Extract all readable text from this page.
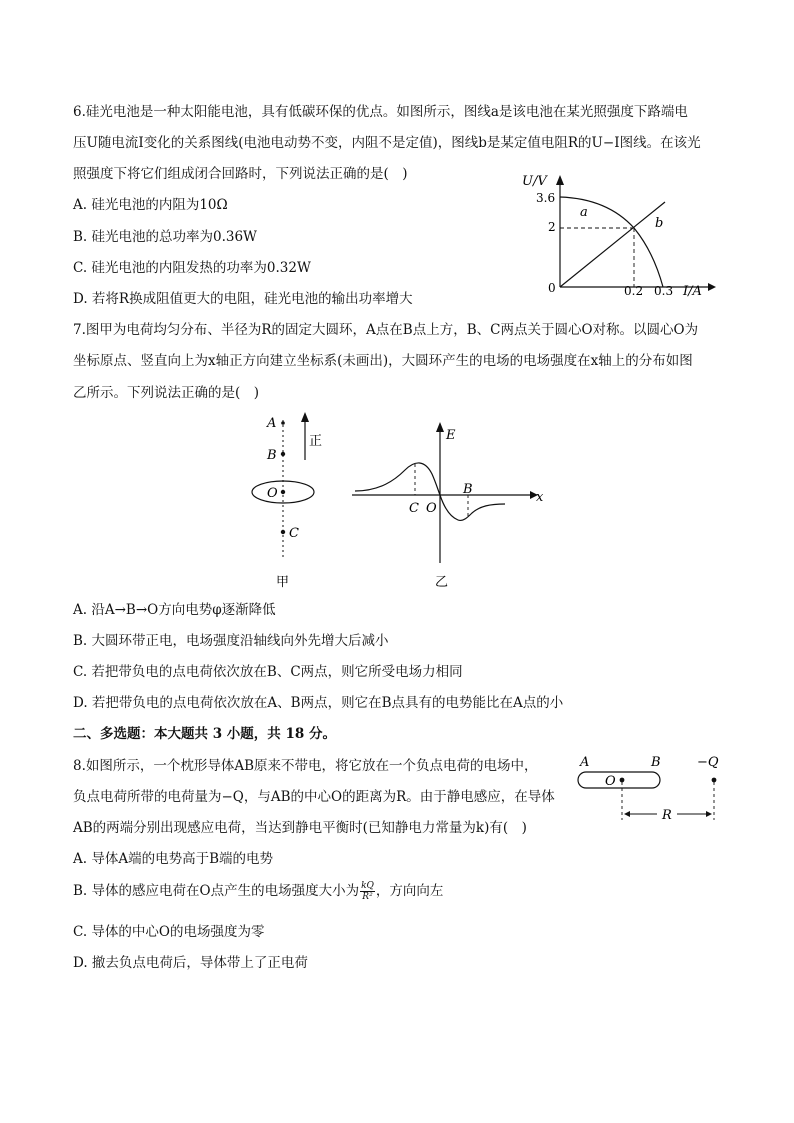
6.硅光电池是一种太阳能电池，具有低碳环保的优点。如图所示，图线a是该电池在某光照强度下路端电
压U随电流I变化的关系图线(电池电动势不变，内阻不是定值)，图线b是某定值电阻R的U−I图线。在该光
照强度下将它们组成闭合回路时，下列说法正确的是(　)
A. 硅光电池的内阻为10Ω
B. 硅光电池的总功率为0.36W
C. 硅光电池的内阻发热的功率为0.32W
D. 若将R换成阻值更大的电阻，硅光电池的输出功率增大
U/V
I/A
3.6
2
0	0.2 0.3
a
b
7.图甲为电荷均匀分布、半径为R的固定大圆环，A点在B点上方，B、C两点关于圆心O对称。以圆心O为
坐标原点、竖直向上为x轴正方向建立坐标系(未画出)，大圆环产生的电场的电场强度在x轴上的分布如图
乙所示。下列说法正确的是(　)
A
B
O
C
正
甲
E
x
C O
B
乙
A. 沿A→B→O方向电势φ逐渐降低
B. 大圆环带正电，电场强度沿轴线向外先增大后减小
C. 若把带负电的点电荷依次放在B、C两点，则它所受电场力相同
D. 若把带负电的点电荷依次放在A、B两点，则它在B点具有的电势能比在A点的小
二、多选题：本大题共 3 小题，共 18 分。
8.如图所示，一个枕形导体AB原来不带电，将它放在一个负点电荷的电场中，
负点电荷所带的电荷量为−Q，与AB的中心O的距离为R。由于静电感应，在导体
AB的两端分别出现感应电荷，当达到静电平衡时(已知静电力常量为k)有(　)
A	B
O
−Q
R
A. 导体A端的电势高于B端的电势
B. 导体的感应电荷在O点产生的电场强度大小为 $\frac{kQ}{\text{R²}}$ ，方向向左
C. 导体的中心O的电场强度为零
D. 撤去负点电荷后，导体带上了正电荷
